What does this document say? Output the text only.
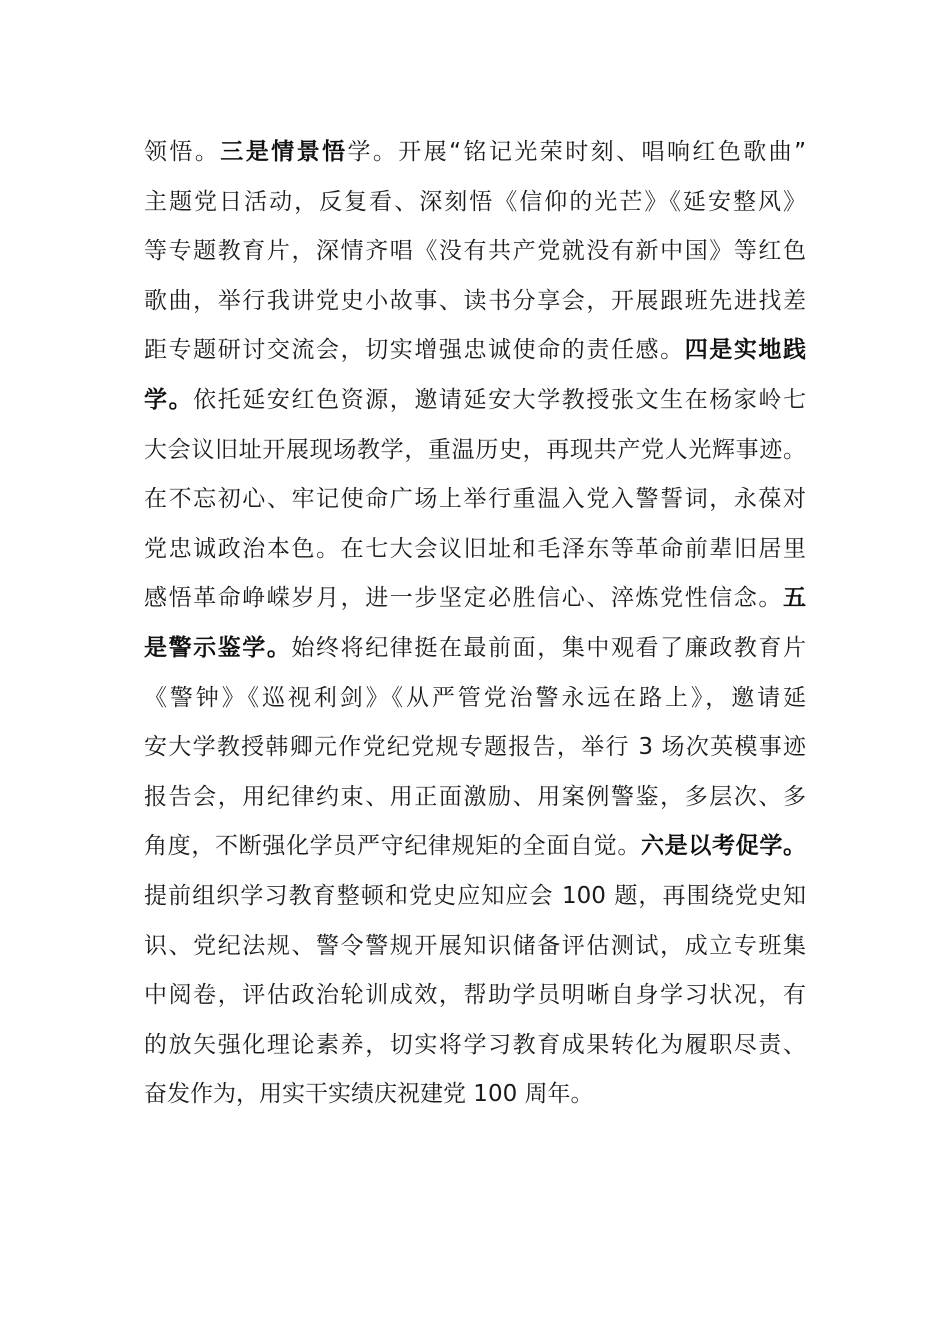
领悟。三是情景悟学。开展“铭记光荣时刻、唱响红色歌曲”
主题党日活动，反复看、深刻悟《信仰的光芒》《延安整风》
等专题教育片，深情齐唱《没有共产党就没有新中国》等红色
歌曲，举行我讲党史小故事、读书分享会，开展跟班先进找差
距专题研讨交流会，切实增强忠诚使命的责任感。四是实地践
学。依托延安红色资源，邀请延安大学教授张文生在杨家岭七
大会议旧址开展现场教学，重温历史，再现共产党人光辉事迹。
在不忘初心、牢记使命广场上举行重温入党入警誓词，永葆对
党忠诚政治本色。在七大会议旧址和毛泽东等革命前辈旧居里
感悟革命峥嵘岁月，进一步坚定必胜信心、淬炼党性信念。五
是警示鉴学。始终将纪律挺在最前面，集中观看了廉政教育片
《警钟》《巡视利剑》《从严管党治警永远在路上》，邀请延
安大学教授韩卿元作党纪党规专题报告，举行 3 场次英模事迹
报告会，用纪律约束、用正面激励、用案例警鉴，多层次、多
角度，不断强化学员严守纪律规矩的全面自觉。六是以考促学。
提前组织学习教育整顿和党史应知应会 100 题，再围绕党史知
识、党纪法规、警令警规开展知识储备评估测试，成立专班集
中阅卷，评估政治轮训成效，帮助学员明晰自身学习状况，有
的放矢强化理论素养，切实将学习教育成果转化为履职尽责、
奋发作为，用实干实绩庆祝建党 100 周年。
